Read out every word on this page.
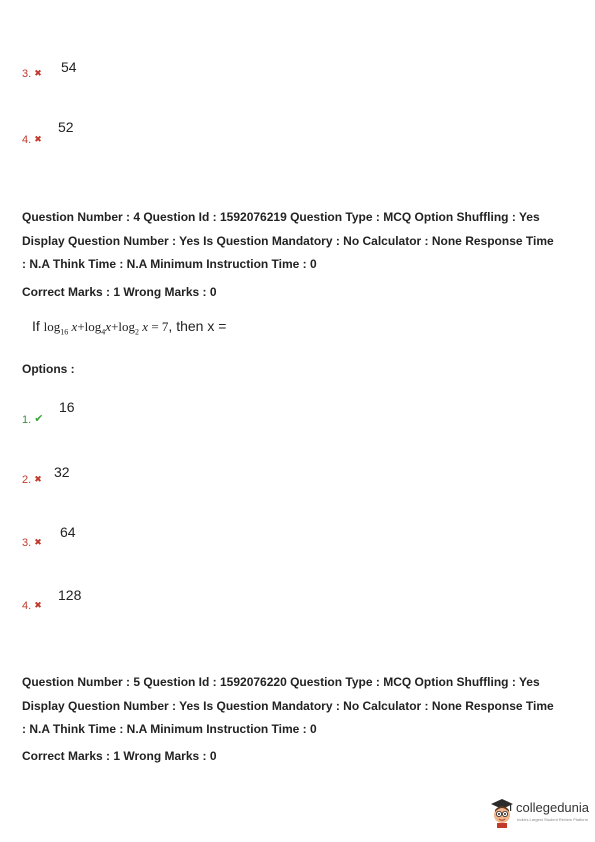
3. ✖ 54
4. ✖
52

Question Number : 4 Question Id : 1592076219 Question Type : MCQ Option Shuffling : Yes

Display Question Number : Yes Is Question Mandatory : No Calculator : None Response Time

: N.A Think Time : N.A Minimum Instruction Time : 0

Correct Marks : 1 Wrong Marks : 0
If $\log_{16} x+\log_4x+\log_2$ x = 7, then x =
Options :
1. ✔
16
2. ✖ 32
3. ✖
64
4. ✖
128

Question Number : 5 Question Id : 1592076220 Question Type : MCQ Option Shuffling : Yes

Display Question Number : Yes Is Question Mandatory : No Calculator : None Response Time

: N.A Think Time : N.A Minimum Instruction Time : 0

Correct Marks : 1 Wrong Marks : 0
collegedunia
India's Largest Student Review Platform
